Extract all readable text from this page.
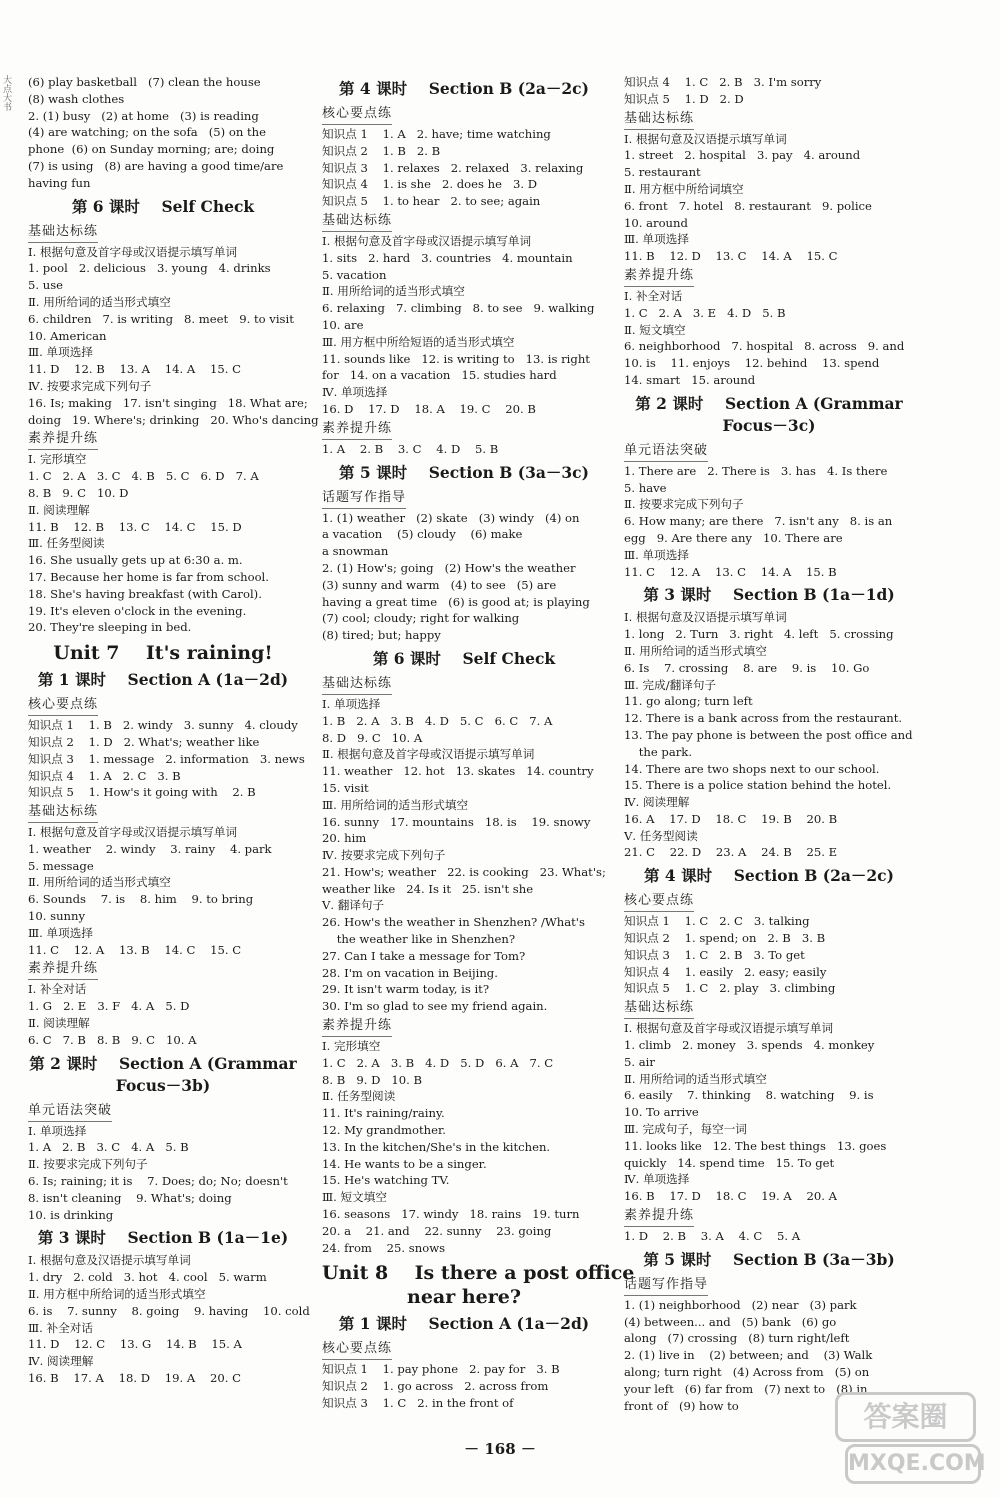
(6) play basketball   (7) clean the house
(8) wash clothes
2. (1) busy   (2) at home   (3) is reading
(4) are watching; on the sofa   (5) on the
phone  (6) on Sunday morning; are; doing
(7) is using   (8) are having a good time/are
having fun
第 6 课时    Self Check
基础达标练
Ⅰ. 根据句意及首字母或汉语提示填写单词
1. pool   2. delicious   3. young   4. drinks
5. use
Ⅱ. 用所给词的适当形式填空
6. children   7. is writing   8. meet   9. to visit
10. American
Ⅲ. 单项选择
11. D    12. B    13. A    14. A    15. C
Ⅳ. 按要求完成下列句子
16. Is; making   17. isn't singing   18. What are;
doing   19. Where's; drinking   20. Who's dancing
素养提升练
Ⅰ. 完形填空
1. C   2. A   3. C   4. B   5. C   6. D   7. A
8. B   9. C   10. D
Ⅱ. 阅读理解
11. B    12. B    13. C    14. C    15. D
Ⅲ. 任务型阅读
16. She usually gets up at 6:30 a. m.
17. Because her home is far from school.
18. She's having breakfast (with Carol).
19. It's eleven o'clock in the evening.
20. They're sleeping in bed.
Unit 7    It's raining!
第 1 课时    Section A (1a－2d)
核心要点练
知识点 1    1. B   2. windy   3. sunny   4. cloudy
知识点 2    1. D   2. What's; weather like
知识点 3    1. message   2. information   3. news
知识点 4    1. A   2. C   3. B
知识点 5    1. How's it going with    2. B
基础达标练
Ⅰ. 根据句意及首字母或汉语提示填写单词
1. weather    2. windy    3. rainy    4. park
5. message
Ⅱ. 用所给词的适当形式填空
6. Sounds    7. is    8. him    9. to bring
10. sunny
Ⅲ. 单项选择
11. C    12. A    13. B    14. C    15. C
素养提升练
Ⅰ. 补全对话
1. G   2. E   3. F   4. A   5. D
Ⅱ. 阅读理解
6. C   7. B   8. B   9. C   10. A
第 2 课时    Section A (Grammar
Focus－3b)
单元语法突破
Ⅰ. 单项选择
1. A   2. B   3. C   4. A   5. B
Ⅱ. 按要求完成下列句子
6. Is; raining; it is    7. Does; do; No; doesn't
8. isn't cleaning    9. What's; doing
10. is drinking
第 3 课时    Section B (1a－1e)
Ⅰ. 根据句意及汉语提示填写单词
1. dry   2. cold   3. hot   4. cool   5. warm
Ⅱ. 用方框中所给词的适当形式填空
6. is    7. sunny    8. going    9. having    10. cold
Ⅲ. 补全对话
11. D    12. C    13. G    14. B    15. A
Ⅳ. 阅读理解
16. B    17. A    18. D    19. A    20. C
第 4 课时    Section B (2a－2c)
核心要点练
知识点 1    1. A   2. have; time watching
知识点 2    1. B   2. B
知识点 3    1. relaxes   2. relaxed   3. relaxing
知识点 4    1. is she   2. does he   3. D
知识点 5    1. to hear   2. to see; again
基础达标练
Ⅰ. 根据句意及首字母或汉语提示填写单词
1. sits   2. hard   3. countries   4. mountain
5. vacation
Ⅱ. 用所给词的适当形式填空
6. relaxing   7. climbing   8. to see   9. walking
10. are
Ⅲ. 用方框中所给短语的适当形式填空
11. sounds like   12. is writing to   13. is right
for   14. on a vacation   15. studies hard
Ⅳ. 单项选择
16. D    17. D    18. A    19. C    20. B
素养提升练
1. A    2. B    3. C    4. D    5. B
第 5 课时    Section B (3a－3c)
话题写作指导
1. (1) weather   (2) skate   (3) windy   (4) on
a vacation    (5) cloudy    (6) make
a snowman
2. (1) How's; going   (2) How's the weather
(3) sunny and warm   (4) to see   (5) are
having a great time   (6) is good at; is playing
(7) cool; cloudy; right for walking
(8) tired; but; happy
第 6 课时    Self Check
基础达标练
Ⅰ. 单项选择
1. B   2. A   3. B   4. D   5. C   6. C   7. A
8. D   9. C   10. A
Ⅱ. 根据句意及首字母或汉语提示填写单词
11. weather   12. hot   13. skates   14. country
15. visit
Ⅲ. 用所给词的适当形式填空
16. sunny   17. mountains   18. is    19. snowy
20. him
Ⅳ. 按要求完成下列句子
21. How's; weather   22. is cooking   23. What's;
weather like   24. Is it   25. isn't she
Ⅴ. 翻译句子
26. How's the weather in Shenzhen? /What's
the weather like in Shenzhen?
27. Can I take a message for Tom?
28. I'm on vacation in Beijing.
29. It isn't warm today, is it?
30. I'm so glad to see my friend again.
素养提升练
Ⅰ. 完形填空
1. C   2. A   3. B   4. D   5. D   6. A   7. C
8. B   9. D   10. B
Ⅱ. 任务型阅读
11. It's raining/rainy.
12. My grandmother.
13. In the kitchen/She's in the kitchen.
14. He wants to be a singer.
15. He's watching TV.
Ⅲ. 短文填空
16. seasons   17. windy   18. rains   19. turn
20. a    21. and    22. sunny    23. going
24. from    25. snows
Unit 8    Is there a post office
near here?
第 1 课时    Section A (1a－2d)
核心要点练
知识点 1    1. pay phone   2. pay for   3. B
知识点 2    1. go across   2. across from
知识点 3    1. C   2. in the front of
知识点 4    1. C   2. B   3. I'm sorry
知识点 5    1. D   2. D
基础达标练
Ⅰ. 根据句意及汉语提示填写单词
1. street   2. hospital   3. pay   4. around
5. restaurant
Ⅱ. 用方框中所给词填空
6. front   7. hotel   8. restaurant   9. police
10. around
Ⅲ. 单项选择
11. B    12. D    13. C    14. A    15. C
素养提升练
Ⅰ. 补全对话
1. C   2. A   3. E   4. D   5. B
Ⅱ. 短文填空
6. neighborhood   7. hospital   8. across   9. and
10. is    11. enjoys    12. behind    13. spend
14. smart   15. around
第 2 课时    Section A (Grammar
Focus－3c)
单元语法突破
1. There are   2. There is   3. has   4. Is there
5. have
Ⅱ. 按要求完成下列句子
6. How many; are there   7. isn't any   8. is an
egg   9. Are there any   10. There are
Ⅲ. 单项选择
11. C    12. A    13. C    14. A    15. B
第 3 课时    Section B (1a－1d)
Ⅰ. 根据句意及汉语提示填写单词
1. long   2. Turn   3. right   4. left   5. crossing
Ⅱ. 用所给词的适当形式填空
6. Is    7. crossing    8. are    9. is    10. Go
Ⅲ. 完成/翻译句子
11. go along; turn left
12. There is a bank across from the restaurant.
13. The pay phone is between the post office and
the park.
14. There are two shops next to our school.
15. There is a police station behind the hotel.
Ⅳ. 阅读理解
16. A    17. D    18. C    19. B    20. B
Ⅴ. 任务型阅读
21. C    22. D    23. A    24. B    25. E
第 4 课时    Section B (2a－2c)
核心要点练
知识点 1    1. C   2. C   3. talking
知识点 2    1. spend; on   2. B   3. B
知识点 3    1. C   2. B   3. To get
知识点 4    1. easily   2. easy; easily
知识点 5    1. C   2. play   3. climbing
基础达标练
Ⅰ. 根据句意及首字母或汉语提示填写单词
1. climb   2. money   3. spends   4. monkey
5. air
Ⅱ. 用所给词的适当形式填空
6. easily    7. thinking    8. watching    9. is
10. To arrive
Ⅲ. 完成句子，每空一词
11. looks like   12. The best things   13. goes
quickly   14. spend time   15. To get
Ⅳ. 单项选择
16. B    17. D    18. C    19. A    20. A
素养提升练
1. D    2. B    3. A    4. C    5. A
第 5 课时    Section B (3a－3b)
话题写作指导
1. (1) neighborhood   (2) near   (3) park
(4) between... and   (5) bank   (6) go
along   (7) crossing   (8) turn right/left
2. (1) live in    (2) between; and    (3) Walk
along; turn right   (4) Across from   (5) on
your left   (6) far from   (7) next to   (8) in
front of   (9) how to
－ 168 －
大点大书
答案圈
MXQE.COM
